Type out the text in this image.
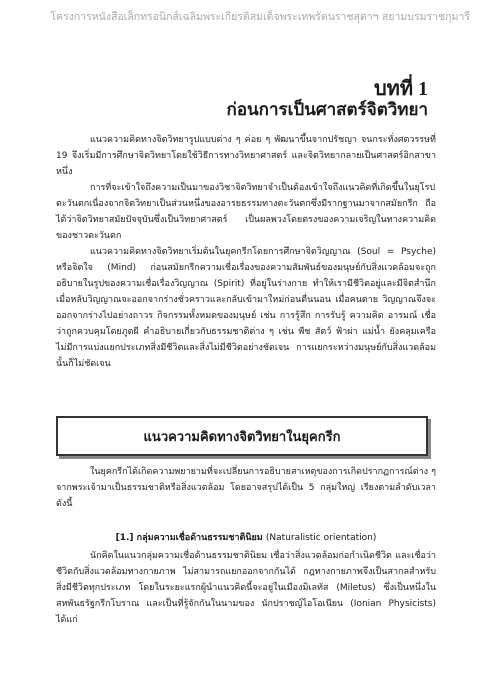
โครงการหนังสือเล็กทรอนิกส์เฉลิมพระเกียรติสมเด็จพระเทพรัตนราชสุดาฯ สยามบรมราชกุมารี
บทที่ 1
ก่อนการเป็นศาสตร์จิตวิทยา

แนวความคิดทางจิตวิทยารูปแบบต่าง ๆ ค่อย ๆ พัฒนาขึ้นจากปรัชญา จนกระทั่งศตวรรษที่ 19 จึงเริ่มมีการศึกษาจิตวิทยาโดยใช้วิธีการทางวิทยาศาสตร์ และจิตวิทยากลายเป็นศาสตร์อิกสาขาหนึ่ง

การที่จะเข้าใจถึงความเป็นมาของวิชาจิตวิทยาจำเป็นต้องเข้าใจถึงแนวคิดที่เกิดขึ้นในยุโรปตะวันตกเนื่องจากจิตวิทยาเป็นส่วนหนึ่งของอารยธรรมทางตะวันตกซึ่งมีรากฐานมาจากสมัยกรีก ถือได้ว่าจิตวิทยาสมัยปัจจุบันซึ่งเป็นวิทยาศาสตร์ เป็นผลพวงโดยตรงของความเจริญในทางความคิดของชาวตะวันตก

แนวความคิดทางจิตวิทยาเริ่มต้นในยุคกรีกโดยการศึกษาจิตวิญญาณ (Soul = Psyche) หรือจิตใจ (Mind) ก่อนสมัยกรีกความเชื่อเรื่องของความสัมพันธ์ของมนุษย์กับสิ่งแวดล้อมจะถูกอธิบายในรูปของความเชื่อเรื่องวิญญาณ (Spirit) ที่อยู่ในร่างกาย ทำให้เรามีชีวิตอยู่และมีจิตสำนึก เมื่อหลับวิญญาณจะออกจากร่างชั่วคราวและกลับเข้ามาใหม่ก่อนตื่นนอน เมื่อคนตาย วิญญาณจึงจะออกจากร่างไปอย่างถาวร กิจกรรมทั้งหมดของมนุษย์ เช่น การรู้สึก การรับรู้ ความคิด อารมณ์ เชื่อว่าถูกควบคุมโดยภูตผี คำอธิบายเกี่ยวกับธรรมชาติต่าง ๆ เช่น พืช สัตว์ ฟ้าผ่า แม่น้ำ ยังคลุมเครือ ไม่มีการแบ่งแยกประเภทสิ่งมีชีวิตและสิ่งไม่มีชีวิตอย่างชัดเจน การแยกระหว่างมนุษย์กับสิ่งแวดล้อมนั้นก็ไม่ชัดเจน

แนวความคิดทางจิตวิทยาในยุคกรีก

ในยุคกรีกได้เกิดความพยายามที่จะเปลี่ยนการอธิบายสาเหตุของการเกิดปรากฏการณ์ต่าง ๆ จากพระเจ้ามาเป็นธรรมชาติหรือสิ่งแวดล้อม โดยอาจสรุปได้เป็น 5 กลุ่มใหญ่ เรียงตามลำดับเวลาดังนี้

[1.] กลุ่มความเชื่อด้านธรรมชาตินิยม (Naturalistic orientation)

นักคิดในแนวกลุ่มความเชื่อด้านธรรมชาตินิยม เชื่อว่าสิ่งแวดล้อมก่อกำเนิดชีวิต และเชื่อว่าชีวิตกับสิ่งแวดล้อมทางกายภาพ ไม่สามารถแยกออกจากกันได้ กฎทางกายภาพจึงเป็นสากลสำหรับสิ่งมีชีวิตทุกประเภท โดยในระยะแรกผู้นำแนวคิดนี้จะอยู่ในเมืองมิเลทัส (Miletus) ซึ่งเป็นหนึ่งในสหพันธรัฐกรีกโบราณ และเป็นที่รู้จักกันในนามของ นักปราชญ์ไอโอเนียน (Ionian Physicists) ได้แก่
